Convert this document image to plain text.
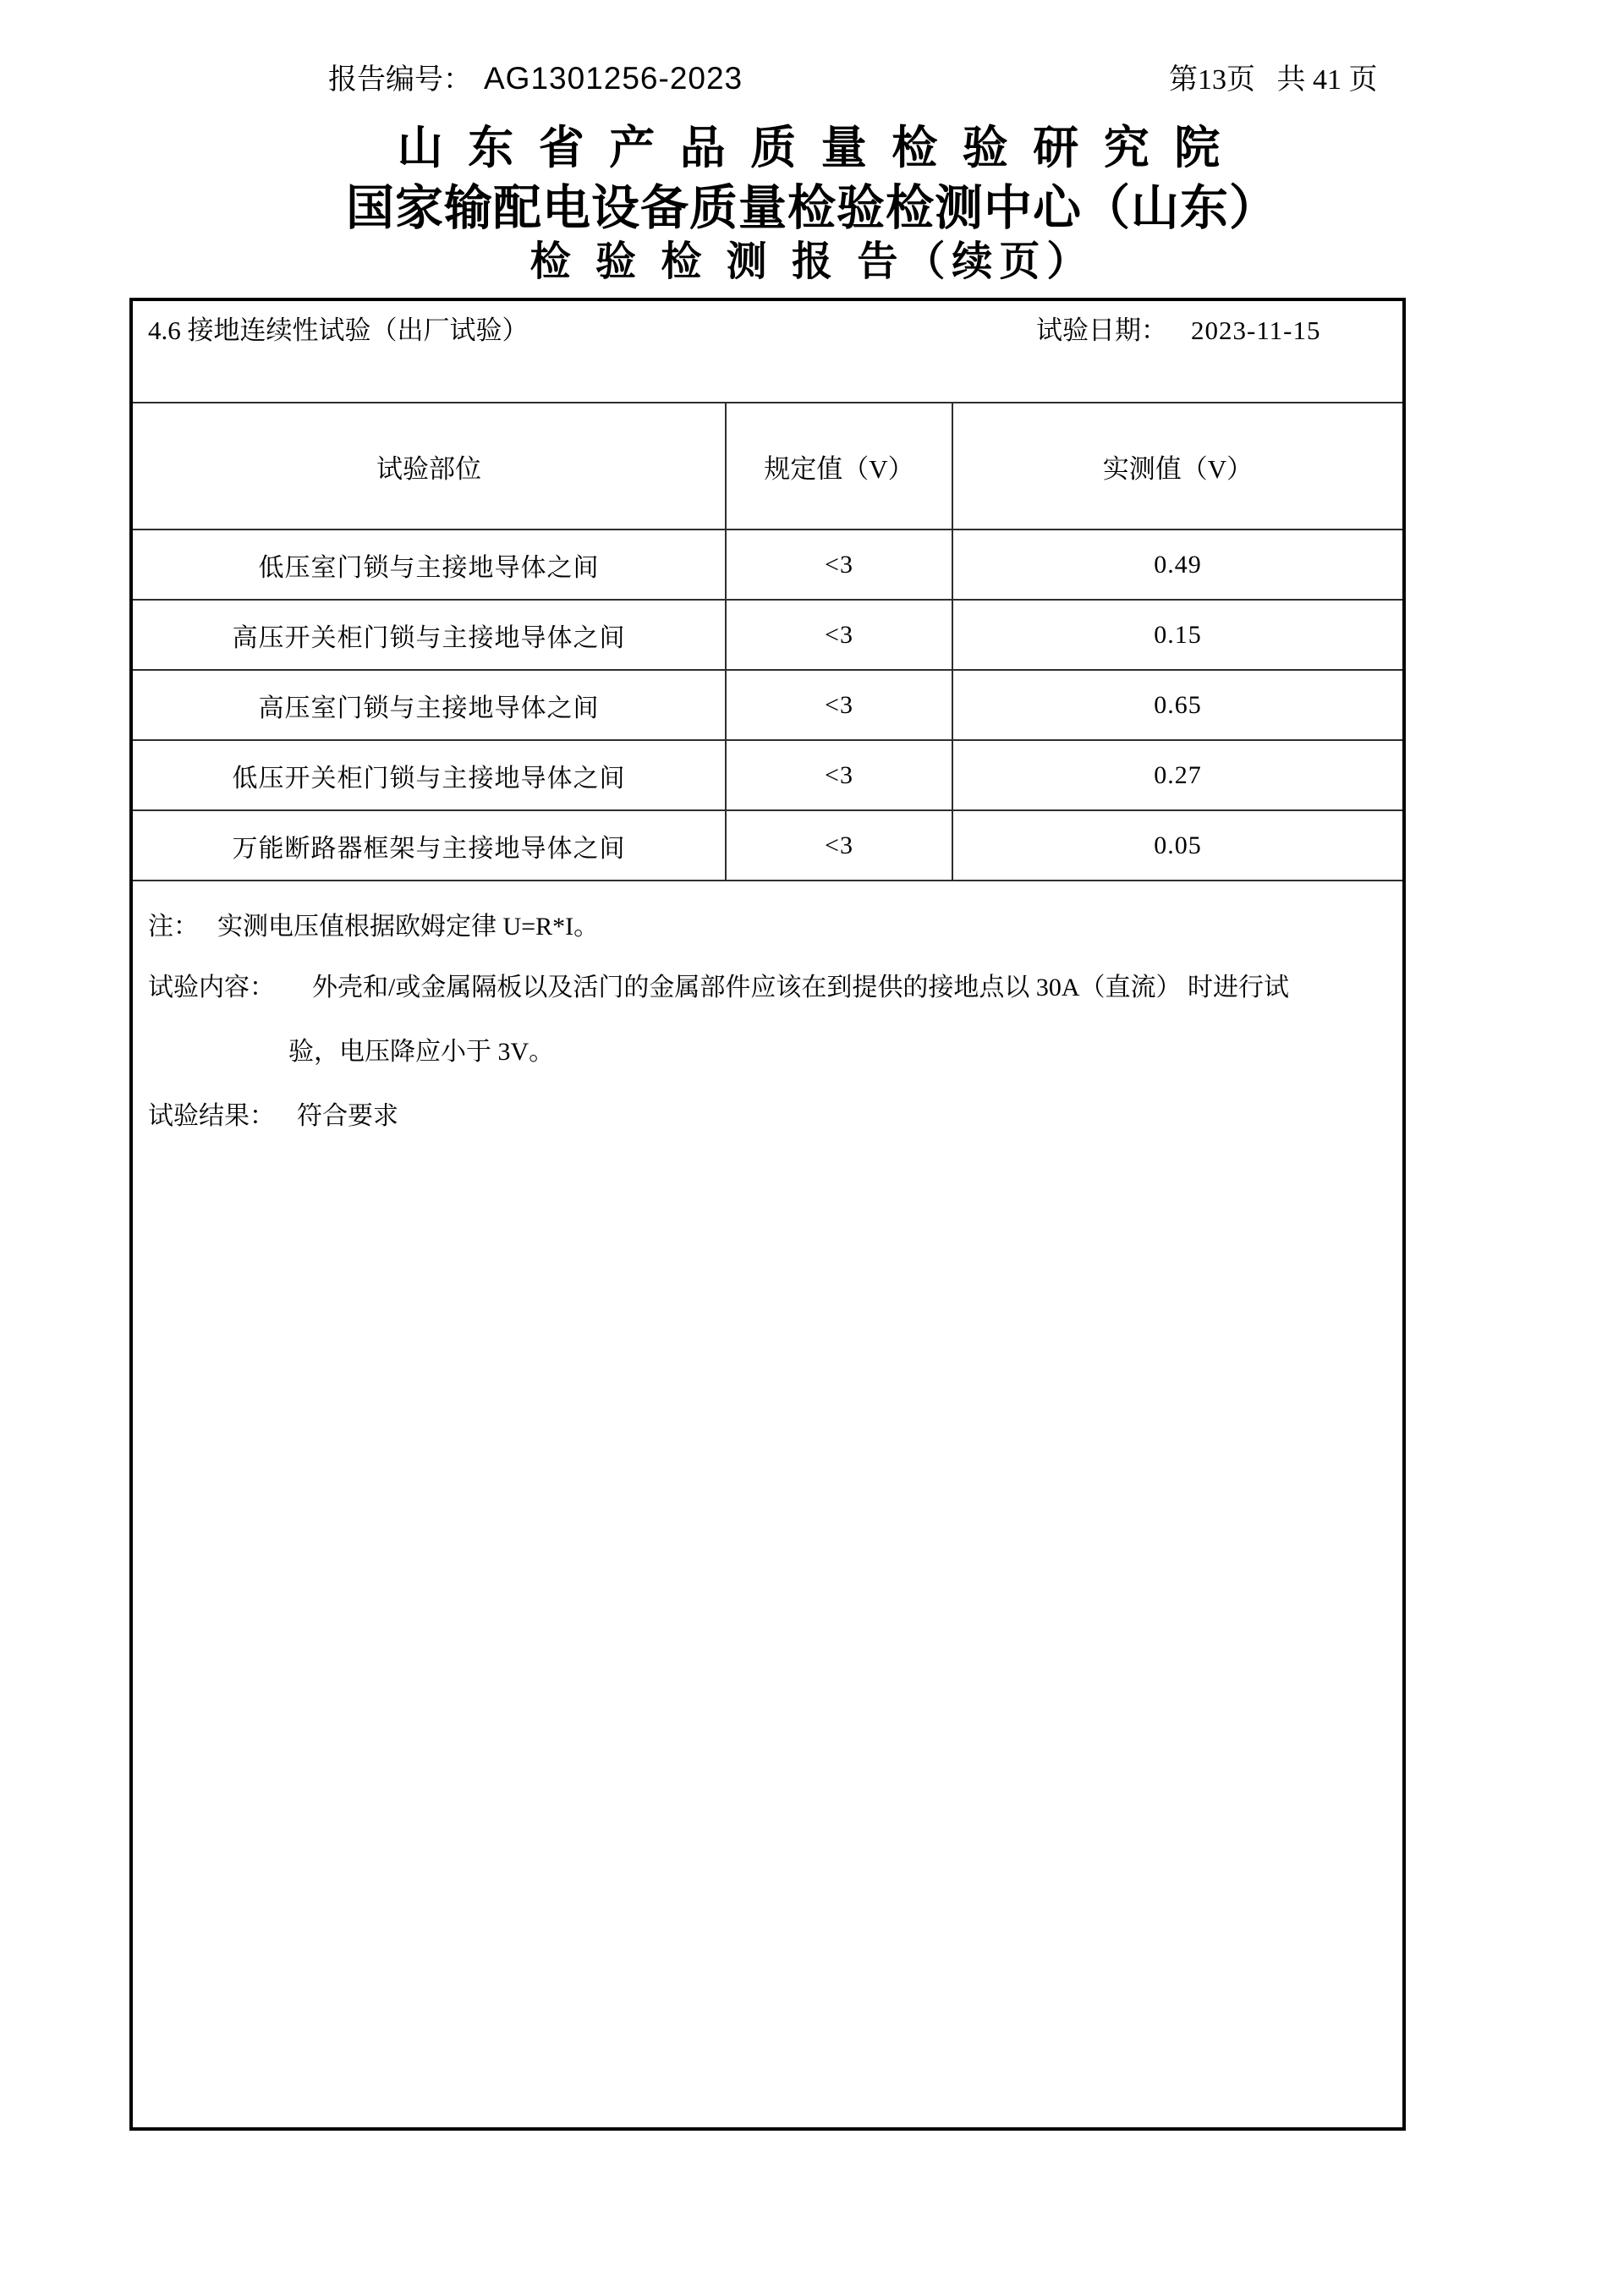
报告编号： AG1301256-2023	第13页   共 41 页
山 东 省 产 品 质 量 检 验 研 究 院
国家输配电设备质量检验检测中心（山东）
检 验 检 测 报 告（续页）
4.6 接地连续性试验（出厂试验）	试验日期： 2023-11-15
试验部位	规定值（V）	实测值（V）
低压室门锁与主接地导体之间	<3	0.49
高压开关柜门锁与主接地导体之间	<3	0.15
高压室门锁与主接地导体之间	<3	0.65
低压开关柜门锁与主接地导体之间	<3	0.27
万能断路器框架与主接地导体之间	<3	0.05
注： 实测电压值根据欧姆定律 U=R*I。
试验内容： 外壳和/或金属隔板以及活门的金属部件应该在到提供的接地点以 30A（直流） 时进行试
验，电压降应小于 3V。
试验结果： 符合要求
